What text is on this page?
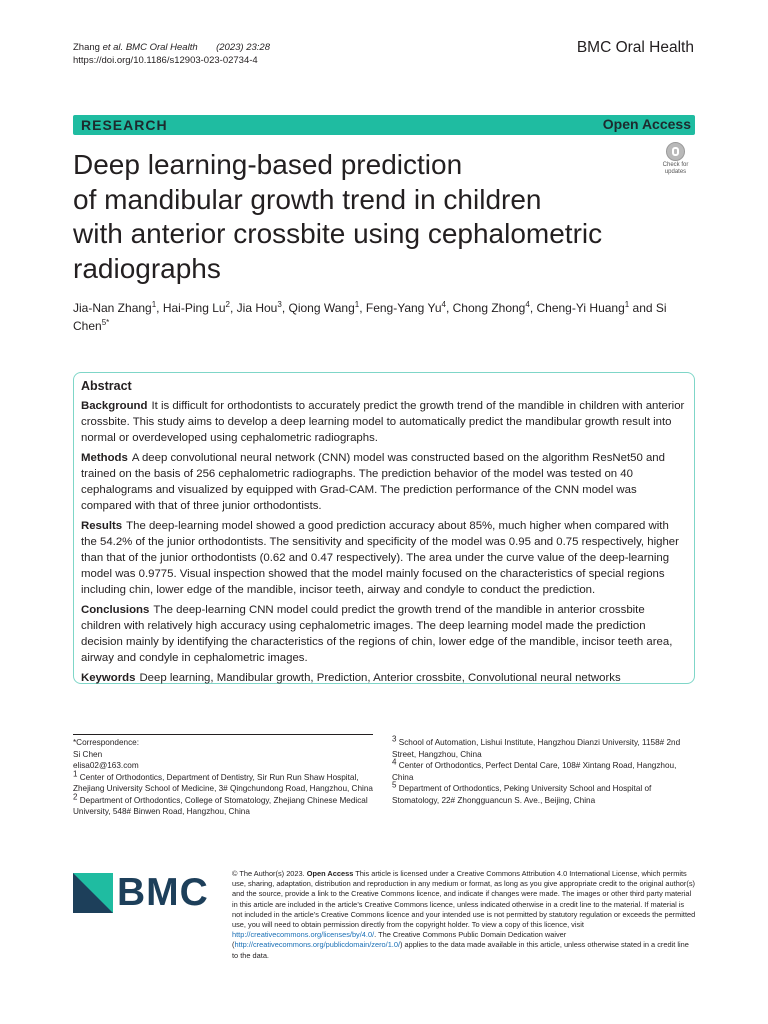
Zhang et al. BMC Oral Health (2023) 23:28
https://doi.org/10.1186/s12903-023-02734-4
BMC Oral Health
RESEARCH	Open Access
Deep learning-based prediction
of mandibular growth trend in children
with anterior crossbite using cephalometric
radiographs
Check for
updates
Jia-Nan Zhang$^1$, Hai-Ping Lu$^2$, Jia Hou$^3$, Qiong Wang$^1$, Feng-Yang Yu$^4$, Chong Zhong$^4$, Cheng-Yi Huang$^1$ and Si Chen$^{5*}$
Abstract

Background It is difficult for orthodontists to accurately predict the growth trend of the mandible in children with anterior crossbite. This study aims to develop a deep learning model to automatically predict the mandibular growth result into normal or overdeveloped using cephalometric radiographs.

Methods A deep convolutional neural network (CNN) model was constructed based on the algorithm ResNet50 and trained on the basis of 256 cephalometric radiographs. The prediction behavior of the model was tested on 40 cephalograms and visualized by equipped with Grad-CAM. The prediction performance of the CNN model was compared with that of three junior orthodontists.

Results The deep-learning model showed a good prediction accuracy about 85%, much higher when compared with the 54.2% of the junior orthodontists. The sensitivity and specificity of the model was 0.95 and 0.75 respectively, higher than that of the junior orthodontists (0.62 and 0.47 respectively). The area under the curve value of the deep-learning model was 0.9775. Visual inspection showed that the model mainly focused on the characteristics of special regions including chin, lower edge of the mandible, incisor teeth, airway and condyle to conduct the prediction.

Conclusions The deep-learning CNN model could predict the growth trend of the mandible in anterior crossbite children with relatively high accuracy using cephalometric images. The deep learning model made the prediction decision mainly by identifying the characteristics of the regions of chin, lower edge of the mandible, incisor teeth area, airway and condyle in cephalometric images.

Keywords Deep learning, Mandibular growth, Prediction, Anterior crossbite, Convolutional neural networks

*Correspondence:

Si Chen

elisa02@163.com

$^1$ Center of Orthodontics, Department of Dentistry, Sir Run Run Shaw Hospital, Zhejiang University School of Medicine, 3# Qingchundong Road, Hangzhou, China

$^2$ Department of Orthodontics, College of Stomatology, Zhejiang Chinese Medical University, 548# Binwen Road, Hangzhou, China

$^3$ School of Automation, Lishui Institute, Hangzhou Dianzi University, 1158# 2nd Street, Hangzhou, China

$^4$ Center of Orthodontics, Perfect Dental Care, 108# Xintang Road, Hangzhou, China

$^5$ Department of Orthodontics, Peking University School and Hospital of Stomatology, 22# Zhongguancun S. Ave., Beijing, China

BMC	© The Author(s) 2023. Open Access This article is licensed under a Creative Commons Attribution 4.0 International License, which permits use, sharing, adaptation, distribution and reproduction in any medium or format, as long as you give appropriate credit to the original author(s) and the source, provide a link to the Creative Commons licence, and indicate if changes were made. The images or other third party material in this article are included in the article’s Creative Commons licence, unless indicated otherwise in a credit line to the material. If material is not included in the article’s Creative Commons licence and your intended use is not permitted by statutory regulation or exceeds the permitted use, you will need to obtain permission directly from the copyright holder. To view a copy of this licence, visit http://creativecommons.org/licenses/by/4.0/. The Creative Commons Public Domain Dedication waiver (http://creativecommons.org/publicdomain/zero/1.0/) applies to the data made available in this article, unless otherwise stated in a credit line to the data.
